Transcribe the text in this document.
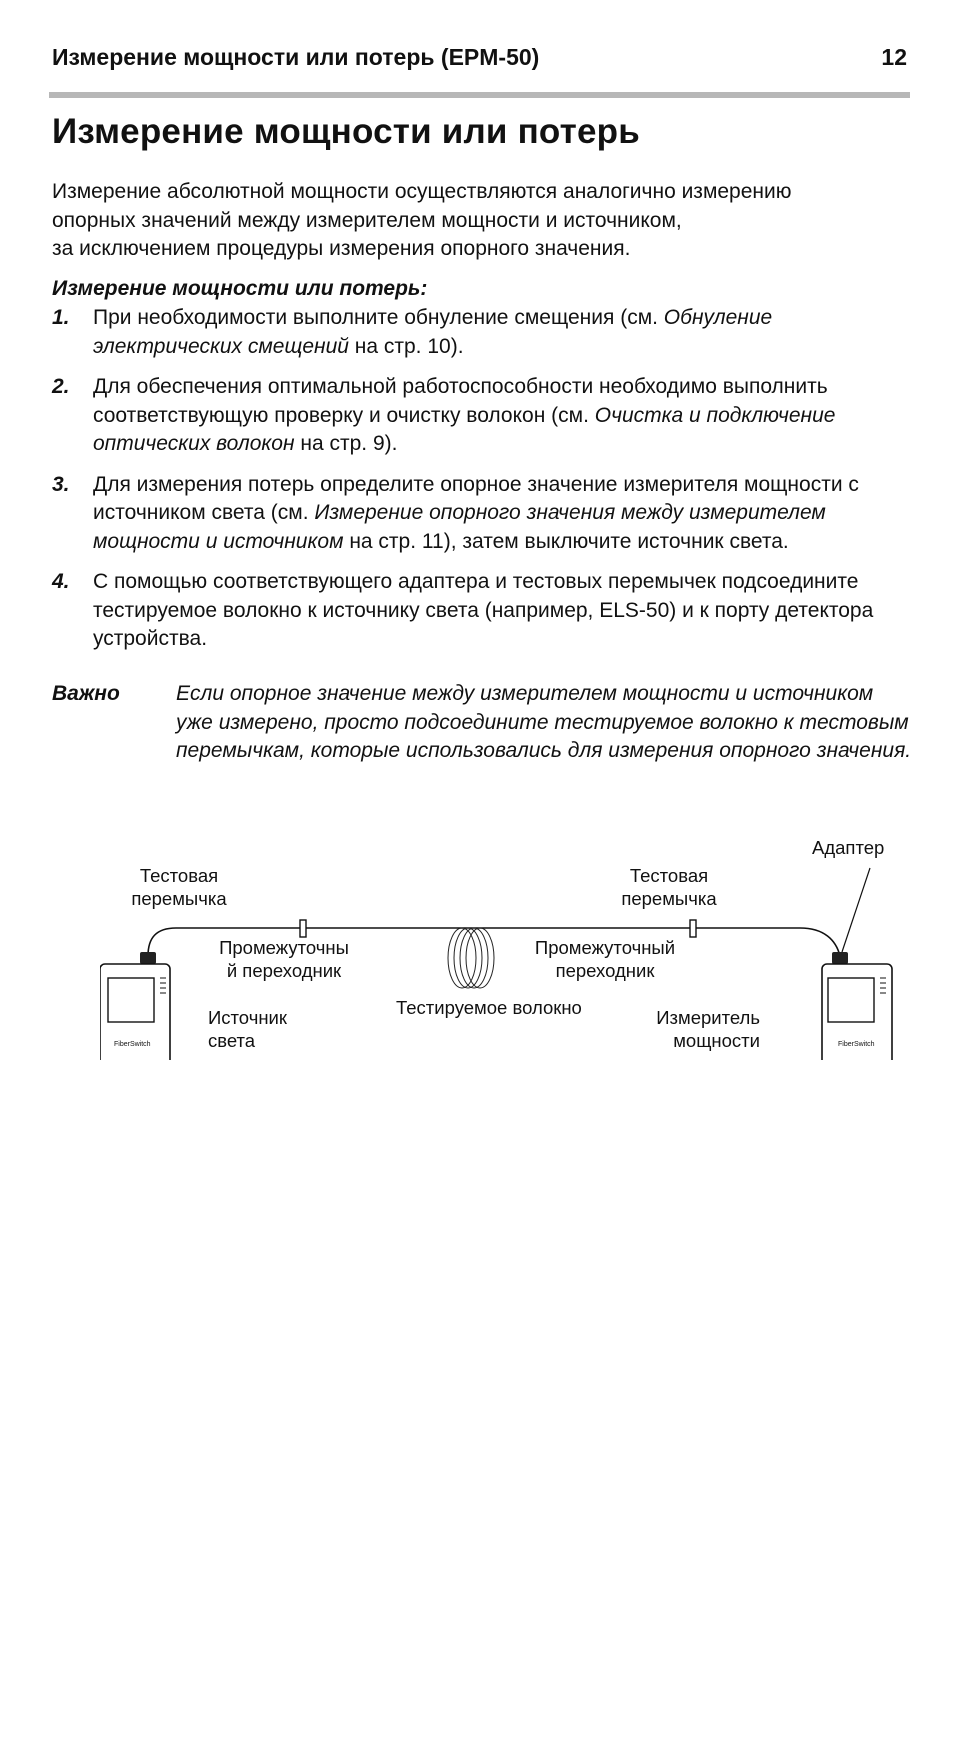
Измерение мощности или потерь (EPM-50)	12
Измерение мощности или потерь

Измерение абсолютной мощности осуществляются аналогично измерению
опорных значений между измерителем мощности и источником,
за исключением процедуры измерения опорного значения.

Измерение мощности или потерь:

1. При необходимости выполните обнуление смещения (см. Обнуление электрических смещений на стр. 10).
2. Для обеспечения оптимальной работоспособности необходимо выполнить соответствующую проверку и очистку волокон (см. Очистка и подключение оптических волокон на стр. 9).
3. Для измерения потерь определите опорное значение измерителя мощности с источником света (см. Измерение опорного значения между измерителем мощности и источником на стр. 11), затем выключите источник света.
4. С помощью соответствующего адаптера и тестовых перемычек подсоедините тестируемое волокно к источнику света (например, ELS-50) и к порту детектора устройства.
Важно	Если опорное значение между измерителем мощности и источником уже измерено, просто подсоедините тестируемое волокно к тестовым перемычкам, которые использовались для измерения опорного значения.
FiberSwitch	FiberSwitch
Адаптер
Тестовая
перемычка
Тестовая
перемычка
Промежуточны
й переходник
Промежуточный
переходник
Тестируемое волокно
Источник
света
Измеритель
мощности
